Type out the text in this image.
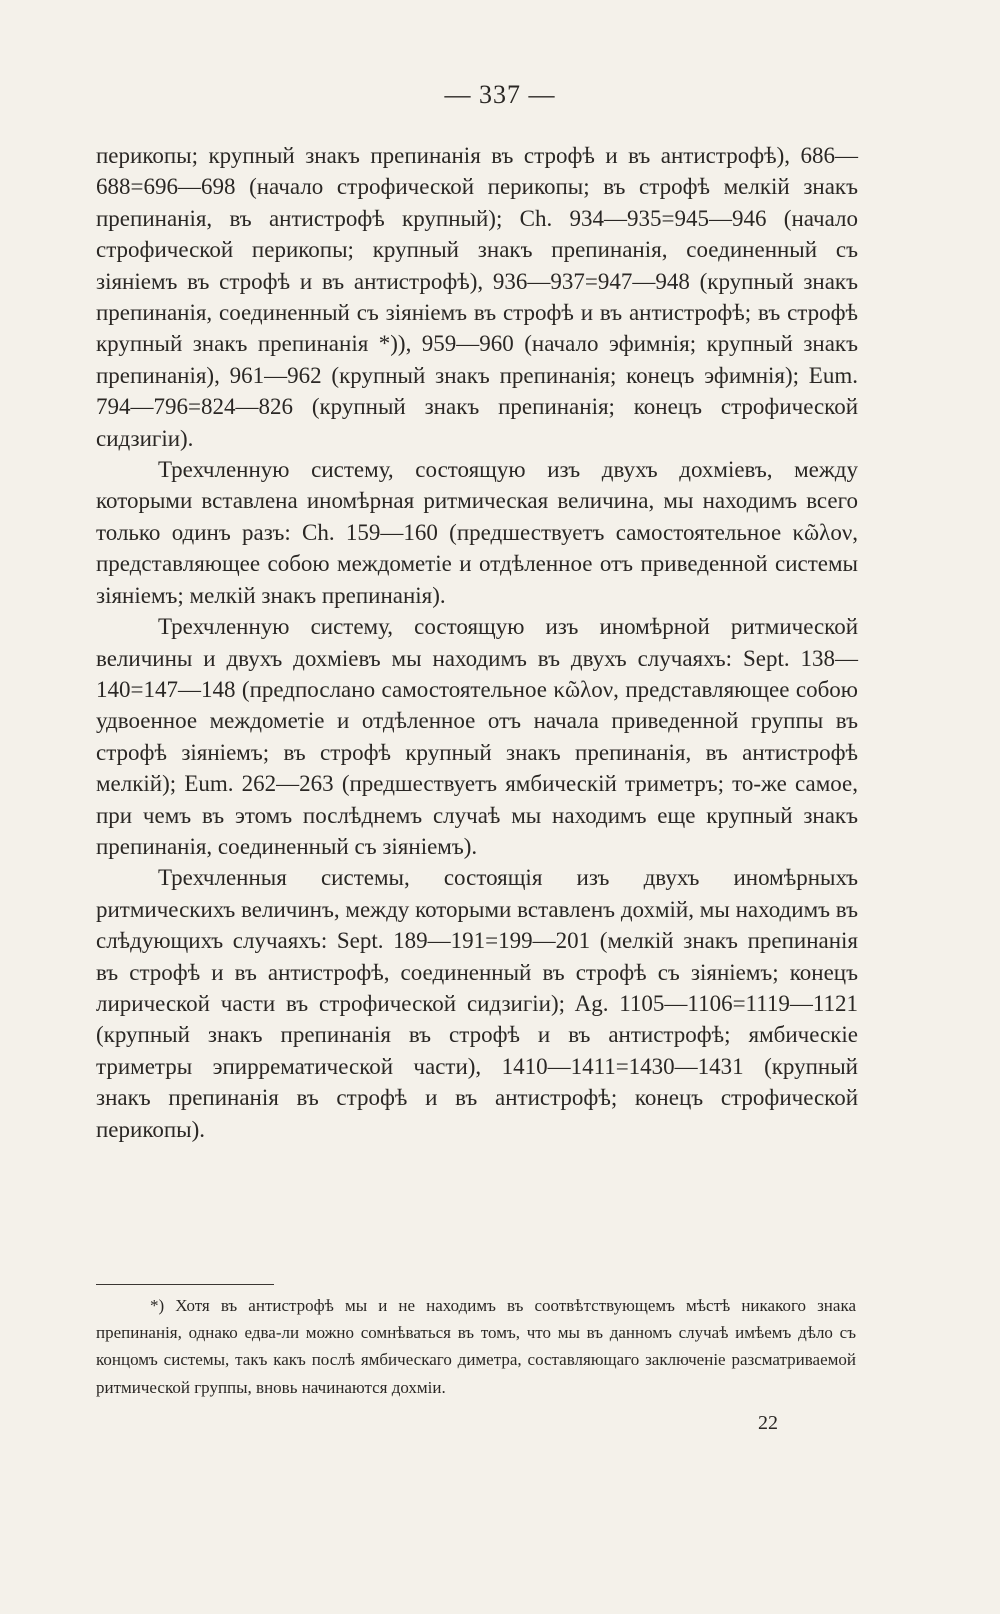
— 337 —

перикопы; крупный знакъ препинанія въ строфѣ и въ антистрофѣ), 686—688=696—698 (начало строфической перикопы; въ строфѣ мелкій знакъ препинанія, въ антистрофѣ крупный); Ch. 934—935=945—946 (начало строфической перикопы; крупный знакъ препинанія, соединенный съ зіяніемъ въ строфѣ и въ антистрофѣ), 936—937=947—948 (крупный знакъ препинанія, соединенный съ зіяніемъ въ строфѣ и въ антистрофѣ; въ строфѣ крупный знакъ препинанія *)), 959—960 (начало эфимнія; крупный знакъ препинанія), 961—962 (крупный знакъ препинанія; конецъ эфимнія); Eum. 794—796=824—826 (крупный знакъ препинанія; конецъ строфической сидзигіи).

Трехчленную систему, состоящую изъ двухъ дохміевъ, между которыми вставлена иномѣрная ритмическая величина, мы находимъ всего только одинъ разъ: Ch. 159—160 (предшествуетъ самостоятельное κῶλον, представляющее собою междометіе и отдѣленное отъ приведенной системы зіяніемъ; мелкій знакъ препинанія).

Трехчленную систему, состоящую изъ иномѣрной ритмической величины и двухъ дохміевъ мы находимъ въ двухъ случаяхъ: Sept. 138—140=147—148 (предпослано самостоятельное κῶλον, представляющее собою удвоенное междометіе и отдѣленное отъ начала приведенной группы въ строфѣ зіяніемъ; въ строфѣ крупный знакъ препинанія, въ антистрофѣ мелкій); Eum. 262—263 (предшествуетъ ямбическій триметръ; то-же самое, при чемъ въ этомъ послѣднемъ случаѣ мы находимъ еще крупный знакъ препинанія, соединенный съ зіяніемъ).

Трехчленныя системы, состоящія изъ двухъ иномѣрныхъ ритмическихъ величинъ, между которыми вставленъ дохмій, мы находимъ въ слѣдующихъ случаяхъ: Sept. 189—191=199—201 (мелкій знакъ препинанія въ строфѣ и въ антистрофѣ, соединенный въ строфѣ съ зіяніемъ; конецъ лирической части въ строфической сидзигіи); Ag. 1105—1106=1119—1121 (крупный знакъ препинанія въ строфѣ и въ антистрофѣ; ямбическіе триметры эпиррематической части), 1410—1411=1430—1431 (крупный знакъ препинанія въ строфѣ и въ антистрофѣ; конецъ строфической перикопы).

*) Хотя въ антистрофѣ мы и не находимъ въ соотвѣтствующемъ мѣстѣ никакого знака препинанія, однако едва-ли можно сомнѣваться въ томъ, что мы въ данномъ случаѣ имѣемъ дѣло съ концомъ системы, такъ какъ послѣ ямбическаго диметра, составляющаго заключеніе разсматриваемой ритмической группы, вновь начинаются дохміи.

22
